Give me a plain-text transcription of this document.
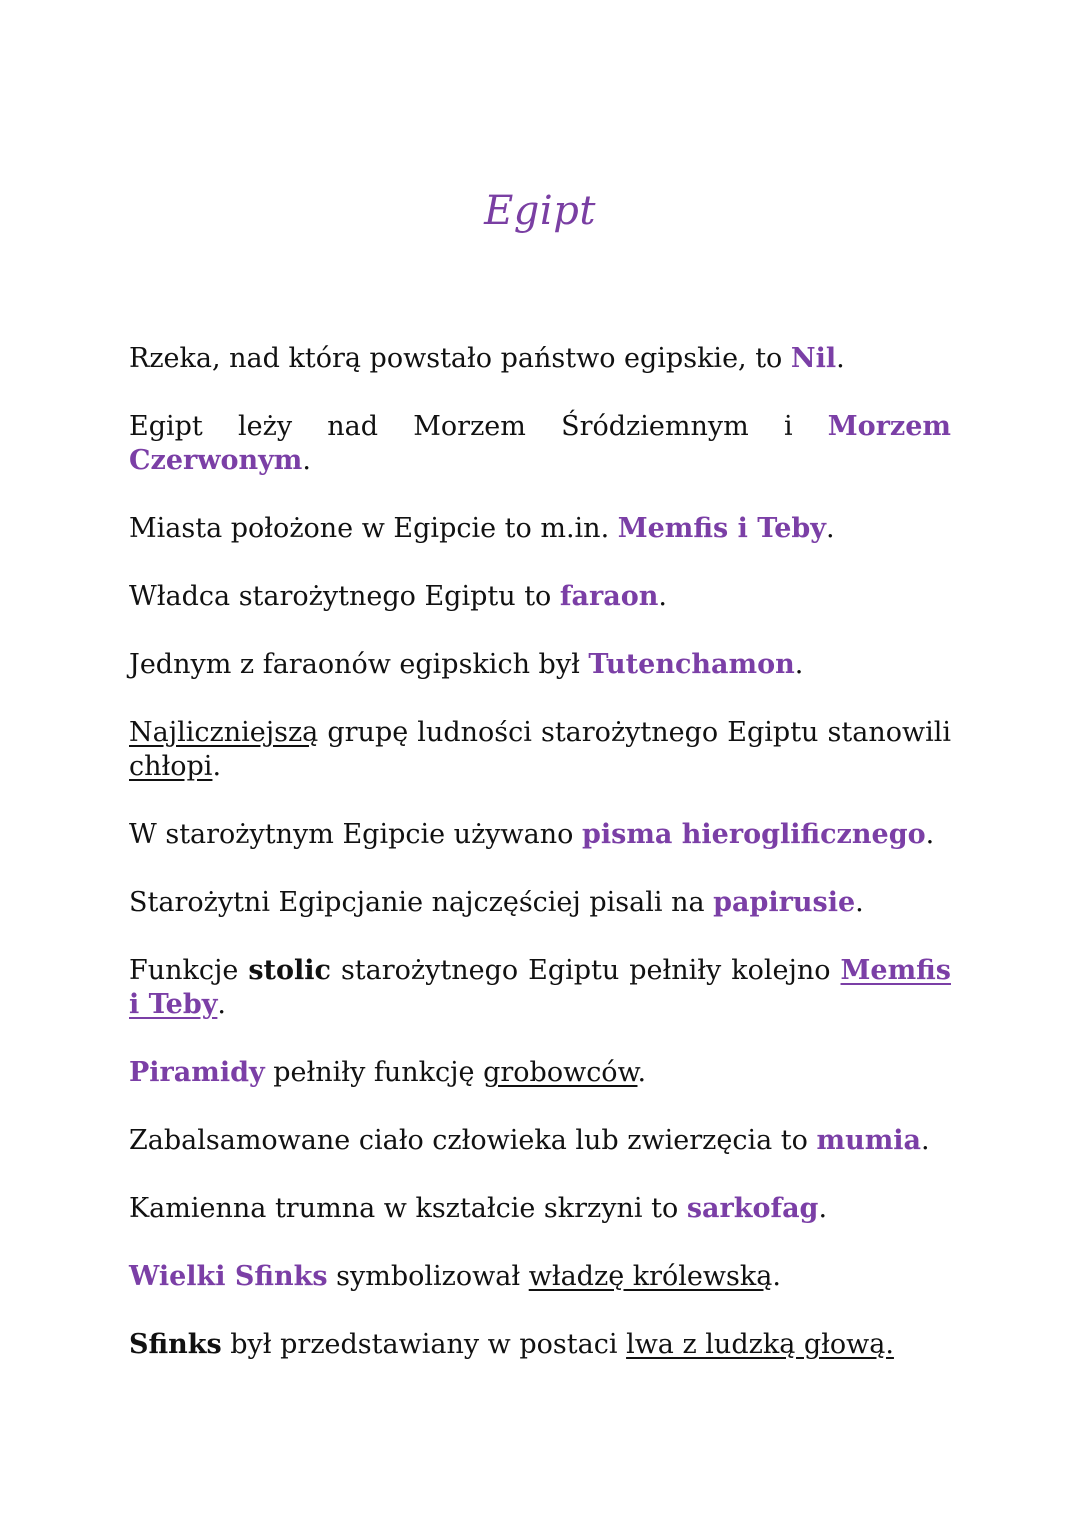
Egipt

Rzeka, nad którą powstało państwo egipskie, to Nil.

Egipt leży nad Morzem Śródziemnym i Morzem Czerwonym.

Miasta położone w Egipcie to m.in. Memfis i Teby.

Władca starożytnego Egiptu to faraon.

Jednym z faraonów egipskich był Tutenchamon.

Najliczniejszą grupę ludności starożytnego Egiptu stanowili chłopi.

W starożytnym Egipcie używano pisma hieroglificznego.

Starożytni Egipcjanie najczęściej pisali na papirusie.

Funkcje stolic starożytnego Egiptu pełniły kolejno Memfis i Teby.

Piramidy pełniły funkcję grobowców.

Zabalsamowane ciało człowieka lub zwierzęcia to mumia.

Kamienna trumna w kształcie skrzyni to sarkofag.

Wielki Sfinks symbolizował władzę królewską.

Sfinks był przedstawiany w postaci lwa z ludzką głową.
